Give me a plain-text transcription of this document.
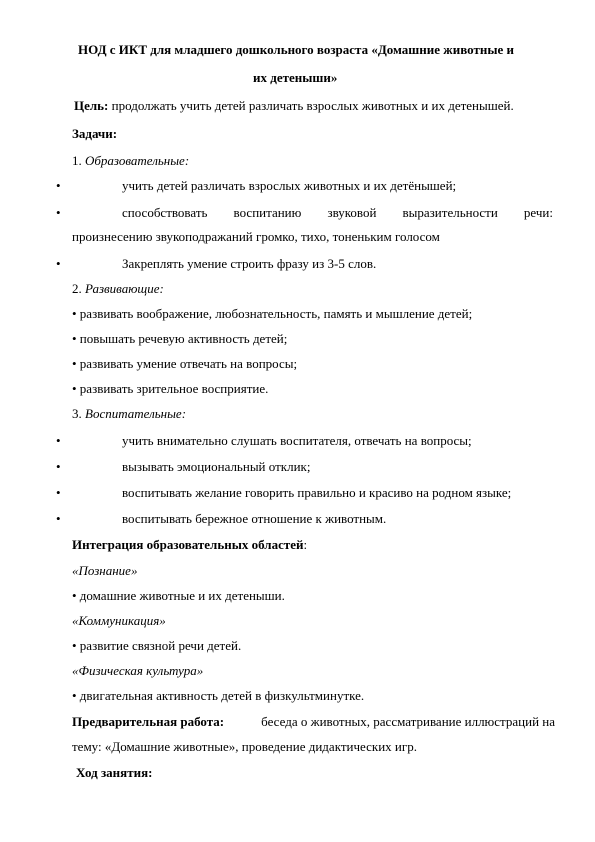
НОД с ИКТ для младшего дошкольного возраста «Домашние животные и
их детеныши»
Цель: продолжать учить детей различать взрослых животных и их детенышей.
Задачи:
1. Образовательные:
•	учить детей различать взрослых животных и их детёнышей;
•	способствовать воспитанию звуковой выразительности речи:
произнесению звукоподражаний громко, тихо, тоненьким голосом
•	Закреплять умение строить фразу из 3-5 слов.
2. Развивающие:
• развивать воображение, любознательность, память и мышление детей;
• повышать речевую активность детей;
• развивать умение отвечать на вопросы;
• развивать зрительное восприятие.
3. Воспитательные:
•	учить внимательно слушать воспитателя, отвечать на вопросы;
•	вызывать эмоциональный отклик;
•	воспитывать желание говорить правильно и красиво на родном языке;
•	воспитывать бережное отношение к животным.
Интеграция образовательных областей:
«Познание»
• домашние животные и их детеныши.
«Коммуникация»
• развитие связной речи детей.
«Физическая культура»
• двигательная активность детей в физкультминутке.
Предварительная работа:	беседа о животных, рассматривание иллюстраций на
тему: «Домашние животные», проведение дидактических игр.
Ход занятия:
